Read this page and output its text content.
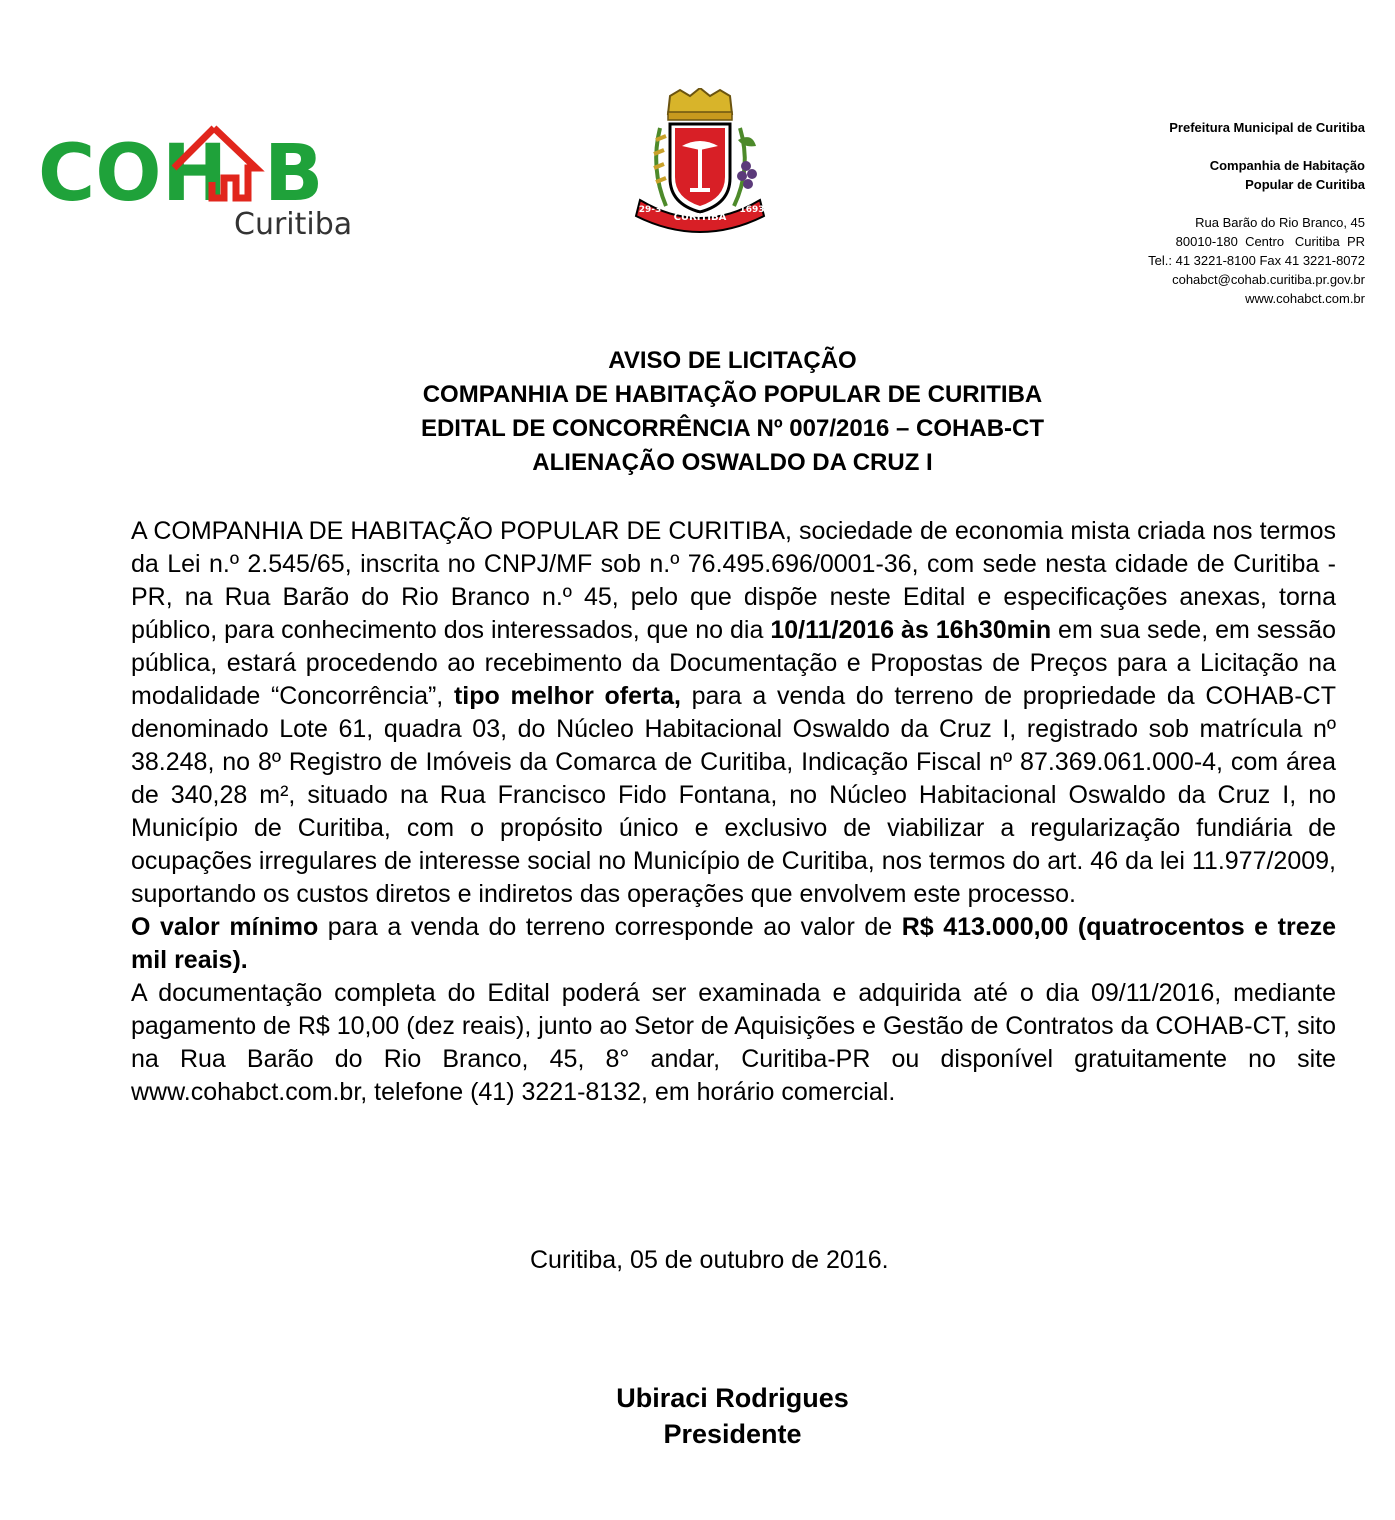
CO H B
Curitiba	CURITIBA
29-3	1693
Prefeitura Municipal de Curitiba
Companhia de Habitação
Popular de Curitiba
Rua Barão do Rio Branco, 45
80010-180  Centro   Curitiba  PR
Tel.: 41 3221-8100 Fax 41 3221-8072
cohabct@cohab.curitiba.pr.gov.br
www.cohabct.com.br
AVISO DE LICITAÇÃO
COMPANHIA DE HABITAÇÃO POPULAR DE CURITIBA
EDITAL DE CONCORRÊNCIA Nº 007/2016 – COHAB-CT
ALIENAÇÃO OSWALDO DA CRUZ I

A COMPANHIA DE HABITAÇÃO POPULAR DE CURITIBA, sociedade de economia mista criada nos termos da Lei n.º 2.545/65, inscrita no CNPJ/MF sob n.º 76.495.696/0001-36, com sede nesta cidade de Curitiba - PR, na Rua Barão do Rio Branco n.º 45, pelo que dispõe neste Edital e especificações anexas, torna público, para conhecimento dos interessados, que no dia 10/11/2016 às 16h30min em sua sede, em sessão pública, estará procedendo ao recebimento da Documentação e Propostas de Preços para a Licitação na modalidade “Concorrência”, tipo melhor oferta, para a venda do terreno de propriedade da COHAB-CT denominado Lote 61, quadra 03, do Núcleo Habitacional Oswaldo da Cruz I, registrado sob matrícula nº 38.248, no 8º Registro de Imóveis da Comarca de Curitiba, Indicação Fiscal nº 87.369.061.000-4, com área de 340,28 m², situado na Rua Francisco Fido Fontana, no Núcleo Habitacional Oswaldo da Cruz I, no Município de Curitiba, com o propósito único e exclusivo de viabilizar a regularização fundiária de ocupações irregulares de interesse social no Município de Curitiba, nos termos do art. 46 da lei 11.977/2009, suportando os custos diretos e indiretos das operações que envolvem este processo.

O valor mínimo para a venda do terreno corresponde ao valor de R$ 413.000,00 (quatrocentos e treze mil reais).

A documentação completa do Edital poderá ser examinada e adquirida até o dia 09/11/2016, mediante pagamento de R$ 10,00 (dez reais), junto ao Setor de Aquisições e Gestão de Contratos da COHAB-CT, sito na Rua Barão do Rio Branco, 45, 8° andar, Curitiba-PR ou disponível gratuitamente no site www.cohabct.com.br, telefone (41) 3221-8132, em horário comercial.

Curitiba, 05 de outubro de 2016.
Ubiraci Rodrigues
Presidente
